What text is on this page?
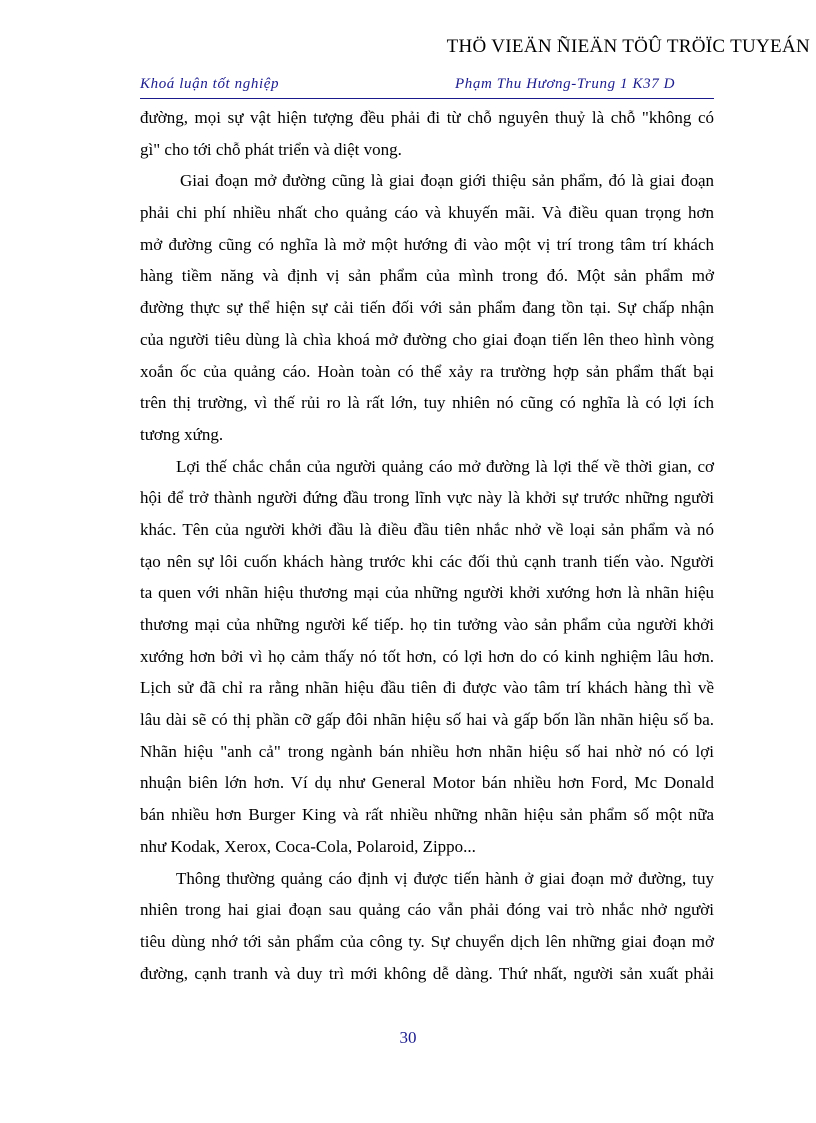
THÖ VIEÄN ÑIEÄN TÖÛ TRÖÏC TUYEÁN
Khoá luận tốt nghiệp	Phạm Thu Hương-Trung 1 K37 D
đường, mọi sự vật hiện tượng đều phải đi từ chỗ nguyên thuỷ là chỗ "không có
gì" cho tới chỗ phát triển và diệt vong.
Giai đoạn mở đường cũng là giai đoạn giới thiệu sản phẩm, đó là giai đoạn
phải chi phí nhiều nhất cho quảng cáo và khuyến mãi. Và điều quan trọng hơn
mở đường cũng có nghĩa là mở một hướng đi vào một vị trí trong tâm trí khách
hàng tiềm năng và định vị sản phẩm của mình trong đó. Một sản phẩm mở
đường thực sự thể hiện sự cải tiến đối với sản phẩm đang tồn tại. Sự chấp nhận
của người tiêu dùng là chìa khoá mở đường cho giai đoạn tiến lên theo hình vòng
xoắn ốc của quảng cáo. Hoàn toàn có thể xảy ra trường hợp sản phẩm thất bại
trên thị trường, vì thế rủi ro là rất lớn, tuy nhiên nó cũng có nghĩa là có lợi ích
tương xứng.
Lợi thế chắc chắn của người quảng cáo mở đường là lợi thế về thời gian, cơ
hội để trở thành người đứng đầu trong lĩnh vực này là khởi sự trước những người
khác. Tên của người khởi đầu là điều đầu tiên nhắc nhở về loại sản phẩm và nó
tạo nên sự lôi cuốn khách hàng trước khi các đối thủ cạnh tranh tiến vào. Người
ta quen với nhãn hiệu thương mại của những người khởi xướng hơn là nhãn hiệu
thương mại của những người kế tiếp. họ tin tưởng vào sản phẩm của người khởi
xướng hơn bởi vì họ cảm thấy nó tốt hơn, có lợi hơn do có kinh nghiệm lâu hơn.
Lịch sử đã chỉ ra rằng nhãn hiệu đầu tiên đi được vào tâm trí khách hàng thì về
lâu dài sẽ có thị phần cỡ gấp đôi nhãn hiệu số hai và gấp bốn lần nhãn hiệu số ba.
Nhãn hiệu "anh cả" trong ngành bán nhiều hơn nhãn hiệu số hai nhờ nó có lợi
nhuận biên lớn hơn. Ví dụ như General Motor bán nhiều hơn Ford, Mc Donald
bán nhiều hơn Burger King và rất nhiều những nhãn hiệu sản phẩm số một nữa
như Kodak, Xerox, Coca-Cola, Polaroid, Zippo...
Thông thường quảng cáo định vị được tiến hành ở giai đoạn mở đường, tuy
nhiên trong hai giai đoạn sau quảng cáo vẫn phải đóng vai trò nhắc nhở người
tiêu dùng nhớ tới sản phẩm của công ty. Sự chuyển dịch lên những giai đoạn mở
đường, cạnh tranh và duy trì mới không dễ dàng. Thứ nhất, người sản xuất phải
30
